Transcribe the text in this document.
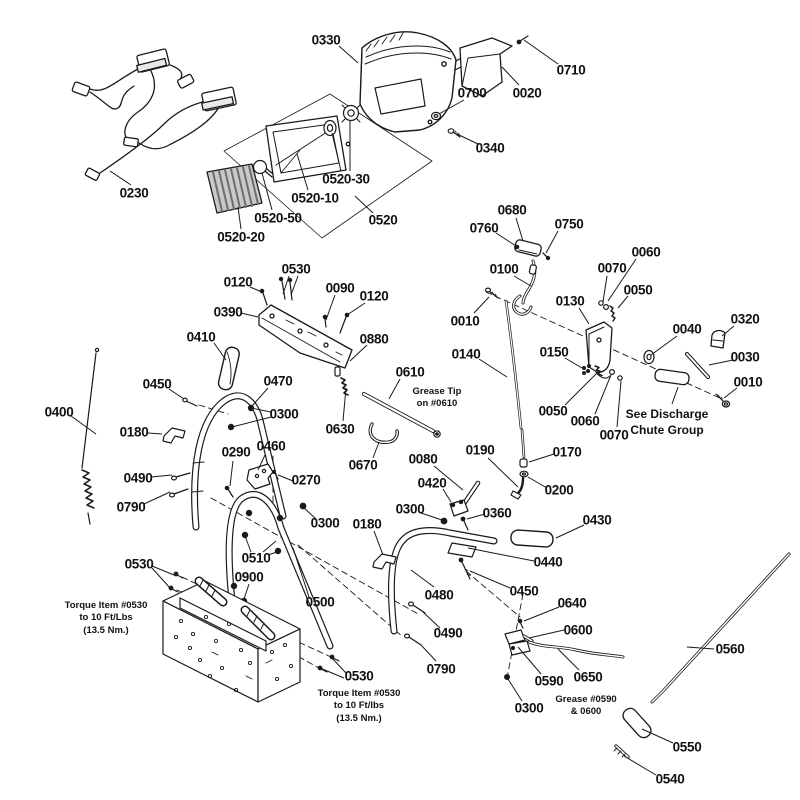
0330
0710
0020
0700
0340
0230
0520-20
0520-50
0520-10
0520-30
0520
0680
0760	0750
0100
0060
0070
0050
0130
0040
0320
0030
0010
0010
0140	0150
0450	0470
0610
0400	0300
0180	0630
0670
0050
0060
0070
0290 0460
0270
0490
0790
0080
0190	0170
0200
0420
0300	0360	0430
0300 0180
0440
0450
0480
0640
0600
0490
0790
0530
0120	0090
0120
0390
0410	0880
0530	0510
0900
0500
0530	0590 0650
0300
0560
0550
0540
Grease Tip
on #0610
See Discharge
Chute Group
Torque Item #0530
to 10 Ft/Lbs
(13.5 Nm.)
Torque Item #0530
to 10 Ft/lbs
(13.5 Nm.)
Grease #0590
& 0600
